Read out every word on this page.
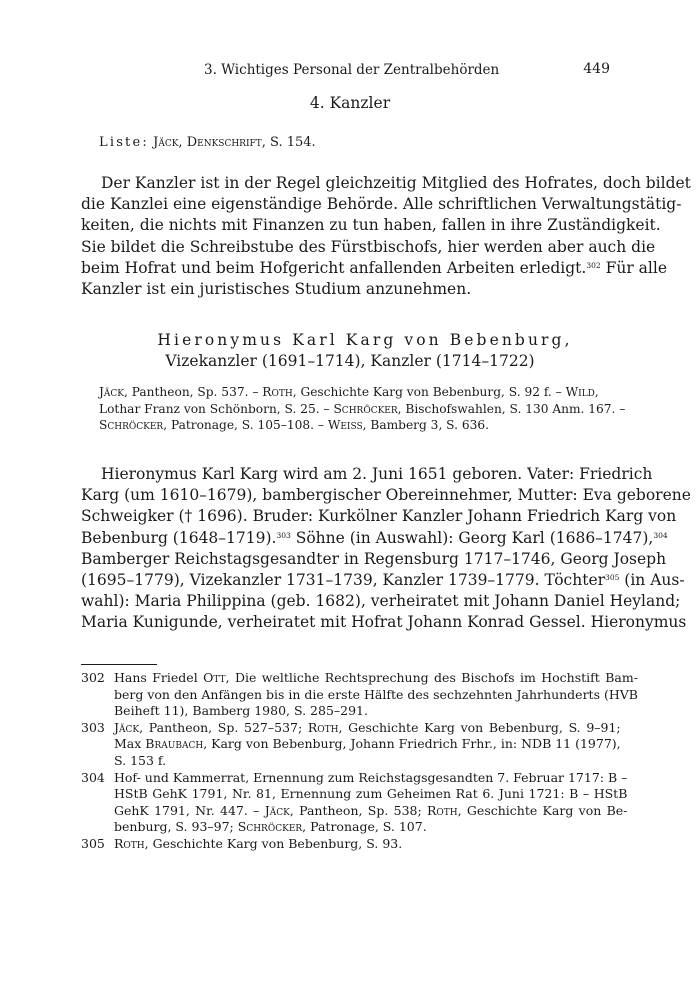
3. Wichtiges Personal der Zentralbehörden	449
4. Kanzler
Liste: Jäck, Denkschrift, S. 154.
Der Kanzler ist in der Regel gleichzeitig Mitglied des Hofrates, doch bildet
die Kanzlei eine eigenständige Behörde. Alle schriftlichen Verwaltungstätig-
keiten, die nichts mit Finanzen zu tun haben, fallen in ihre Zuständigkeit.
Sie bildet die Schreibstube des Fürstbischofs, hier werden aber auch die
beim Hofrat und beim Hofgericht anfallenden Arbeiten erledigt.$^{302}$ Für alle
Kanzler ist ein juristisches Studium anzunehmen.
Hieronymus Karl Karg von Bebenburg,
Vizekanzler (1691–1714), Kanzler (1714–1722)
Jäck, Pantheon, Sp. 537. – Roth, Geschichte Karg von Bebenburg, S. 92 f. – Wild,
Lothar Franz von Schönborn, S. 25. – Schröcker, Bischofswahlen, S. 130 Anm. 167. –
Schröcker, Patronage, S. 105–108. – Weiss, Bamberg 3, S. 636.
Hieronymus Karl Karg wird am 2. Juni 1651 geboren. Vater: Friedrich
Karg (um 1610–1679), bambergischer Obereinnehmer, Mutter: Eva geborene
Schweigker († 1696). Bruder: Kurkölner Kanzler Johann Friedrich Karg von
Bebenburg (1648–1719).$^{303}$ Söhne (in Auswahl): Georg Karl (1686–1747),$^{304}$
Bamberger Reichstagsgesandter in Regensburg 1717–1746, Georg Joseph
(1695–1779), Vizekanzler 1731–1739, Kanzler 1739–1779. Töchter$^{305}$ (in Aus-
wahl): Maria Philippina (geb. 1682), verheiratet mit Johann Daniel Heyland;
Maria Kunigunde, verheiratet mit Hofrat Johann Konrad Gessel. Hieronymus
302 Hans Friedel Ott, Die weltliche Rechtsprechung des Bischofs im Hochstift Bam-
berg von den Anfängen bis in die erste Hälfte des sechzehnten Jahrhunderts (HVB
Beiheft 11), Bamberg 1980, S. 285–291.
303 Jäck, Pantheon, Sp. 527–537; Roth, Geschichte Karg von Bebenburg, S. 9–91;
Max Braubach, Karg von Bebenburg, Johann Friedrich Frhr., in: NDB 11 (1977),
S. 153 f.
304 Hof- und Kammerrat, Ernennung zum Reichstagsgesandten 7. Februar 1717: B –
HStB GehK 1791, Nr. 81, Ernennung zum Geheimen Rat 6. Juni 1721: B – HStB
GehK 1791, Nr. 447. – Jäck, Pantheon, Sp. 538; Roth, Geschichte Karg von Be-
benburg, S. 93–97; Schröcker, Patronage, S. 107.
305 Roth, Geschichte Karg von Bebenburg, S. 93.
